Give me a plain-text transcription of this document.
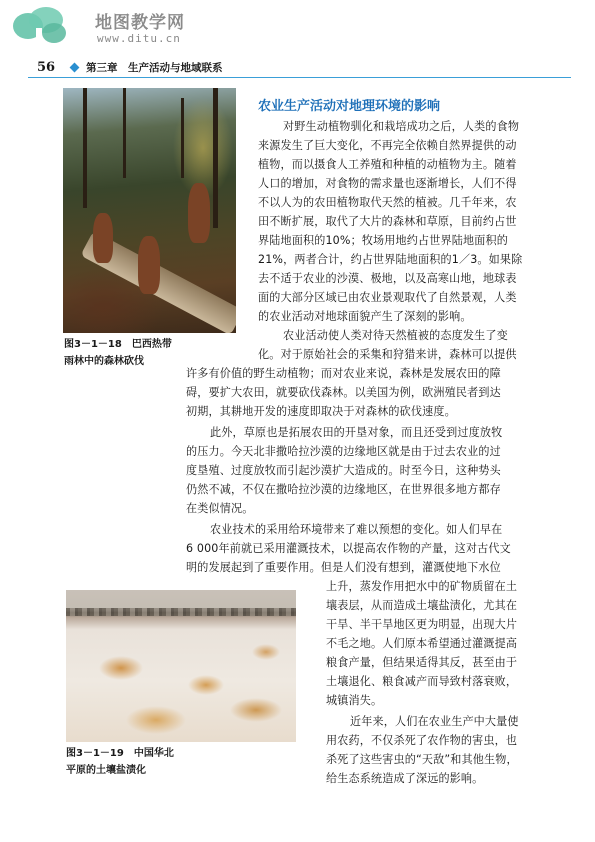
地图教学网
www.ditu.cn
56	第三章　生产活动与地域联系
图3－1－18　巴西热带
雨林中的森林砍伐
图3－1－19　中国华北
平原的土壤盐渍化
农业生产活动对地理环境的影响
对野生动植物驯化和栽培成功之后，人类的食物
来源发生了巨大变化，不再完全依赖自然界提供的动
植物，而以摄食人工养殖和种植的动植物为主。随着
人口的增加，对食物的需求量也逐渐增长，人们不得
不以人为的农田植物取代天然的植被。几千年来，农
田不断扩展，取代了大片的森林和草原，目前约占世
界陆地面积的10%；牧场用地约占世界陆地面积的
21%，两者合计，约占世界陆地面积的1／3。如果除
去不适于农业的沙漠、极地，以及高寒山地，地球表
面的大部分区域已由农业景观取代了自然景观，人类
的农业活动对地球面貌产生了深刻的影响。
农业活动使人类对待天然植被的态度发生了变
化。对于原始社会的采集和狩猎来讲，森林可以提供
许多有价值的野生动植物；而对农业来说，森林是发展农田的障
碍，要扩大农田，就要砍伐森林。以美国为例，欧洲殖民者到达
初期，其耕地开发的速度即取决于对森林的砍伐速度。
此外，草原也是拓展农田的开垦对象，而且还受到过度放牧
的压力。今天北非撒哈拉沙漠的边缘地区就是由于过去农业的过
度垦殖、过度放牧而引起沙漠扩大造成的。时至今日，这种势头
仍然不减，不仅在撒哈拉沙漠的边缘地区，在世界很多地方都存
在类似情况。
农业技术的采用给环境带来了难以预想的变化。如人们早在
6 000年前就已采用灌溉技术，以提高农作物的产量，这对古代文
明的发展起到了重要作用。但是人们没有想到，灌溉使地下水位
上升，蒸发作用把水中的矿物质留在土
壤表层，从而造成土壤盐渍化，尤其在
干旱、半干旱地区更为明显，出现大片
不毛之地。人们原本希望通过灌溉提高
粮食产量，但结果适得其反，甚至由于
土壤退化、粮食减产而导致村落衰败，
城镇消失。
近年来，人们在农业生产中大量使
用农药，不仅杀死了农作物的害虫，也
杀死了这些害虫的“天敌”和其他生物，
给生态系统造成了深远的影响。
